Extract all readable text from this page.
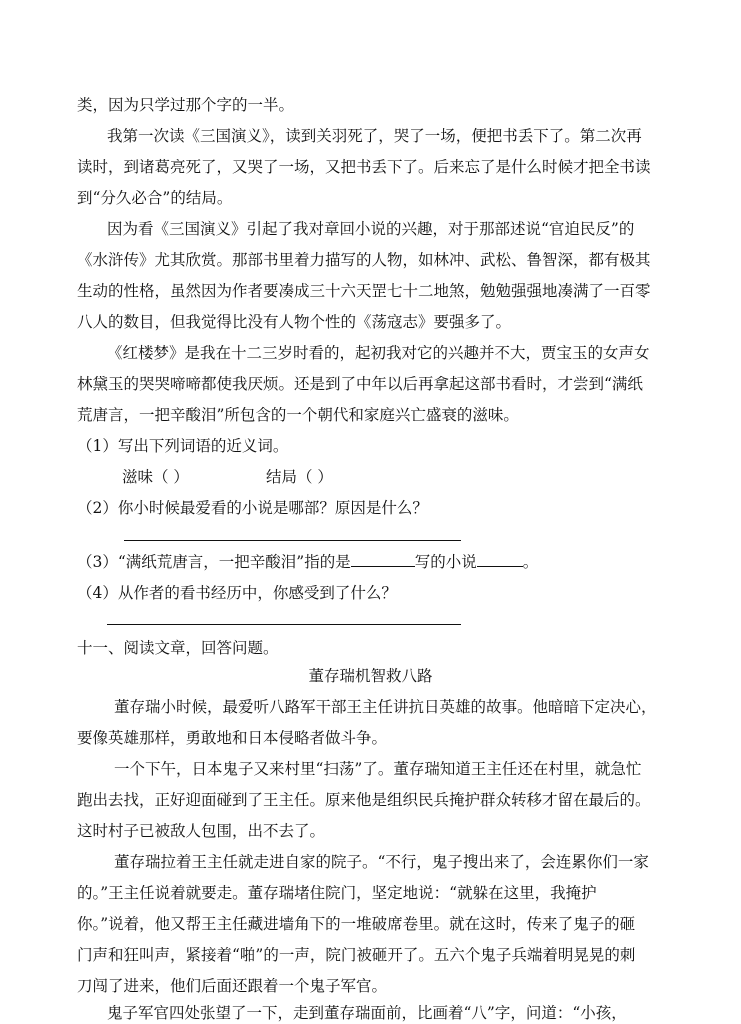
类，因为只学过那个字的一半。
我第一次读《三国演义》，读到关羽死了，哭了一场，便把书丢下了。第二次再
读时，到诸葛亮死了，又哭了一场，又把书丢下了。后来忘了是什么时候才把全书读
到“分久必合”的结局。
因为看《三国演义》引起了我对章回小说的兴趣，对于那部述说“官迫民反”的
《水浒传》尤其欣赏。那部书里着力描写的人物，如林冲、武松、鲁智深，都有极其
生动的性格，虽然因为作者要凑成三十六天罡七十二地煞，勉勉强强地凑满了一百零
八人的数目，但我觉得比没有人物个性的《荡寇志》要强多了。
《红楼梦》是我在十二三岁时看的，起初我对它的兴趣并不大，贾宝玉的女声女
林黛玉的哭哭啼啼都使我厌烦。还是到了中年以后再拿起这部书看时，才尝到“满纸
荒唐言，一把辛酸泪”所包含的一个朝代和家庭兴亡盛衰的滋味。
（1）写出下列词语的近义词。
滋味（ ）	结局（ ）
（2）你小时候最爱看的小说是哪部？原因是什么？
（3）“满纸荒唐言，一把辛酸泪”指的是	写的小说	。
（4）从作者的看书经历中，你感受到了什么？
十一、阅读文章，回答问题。
董存瑞机智救八路
董存瑞小时候，最爱听八路军干部王主任讲抗日英雄的故事。他暗暗下定决心，
要像英雄那样，勇敢地和日本侵略者做斗争。
一个下午，日本鬼子又来村里“扫荡”了。董存瑞知道王主任还在村里，就急忙
跑出去找，正好迎面碰到了王主任。原来他是组织民兵掩护群众转移才留在最后的。
这时村子已被敌人包围，出不去了。
董存瑞拉着王主任就走进自家的院子。“不行，鬼子搜出来了，会连累你们一家
的。”王主任说着就要走。董存瑞堵住院门，坚定地说：“就躲在这里，我掩护
你。”说着，他又帮王主任藏进墙角下的一堆破席卷里。就在这时，传来了鬼子的砸
门声和狂叫声，紧接着“啪”的一声，院门被砸开了。五六个鬼子兵端着明晃晃的刺
刀闯了进来，他们后面还跟着一个鬼子军官。
鬼子军官四处张望了一下，走到董存瑞面前，比画着“八”字，问道：“小孩，
